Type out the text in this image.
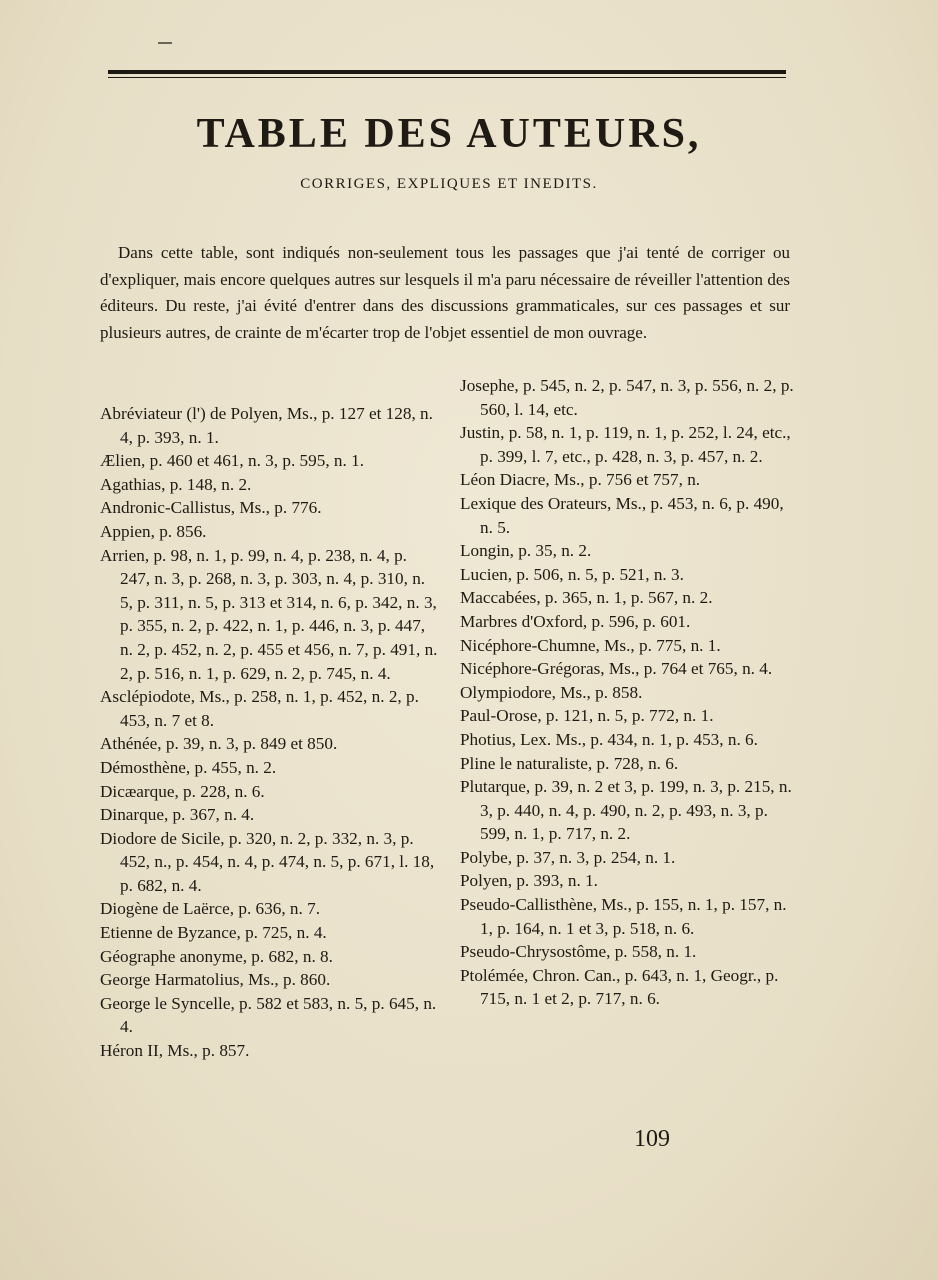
TABLE DES AUTEURS,

CORRIGES, EXPLIQUES ET INEDITS.

Dans cette table, sont indiqués non-seulement tous les passages que j'ai tenté de corriger ou d'expliquer, mais encore quelques autres sur lesquels il m'a paru nécessaire de réveiller l'attention des éditeurs. Du reste, j'ai évité d'entrer dans des discussions grammaticales, sur ces passages et sur plusieurs autres, de crainte de m'écarter trop de l'objet essentiel de mon ouvrage.

Abréviateur (l') de Polyen, Ms., p. 127 et 128, n. 4, p. 393, n. 1.
Ælien, p. 460 et 461, n. 3, p. 595, n. 1.
Agathias, p. 148, n. 2.
Andronic-Callistus, Ms., p. 776.
Appien, p. 856.
Arrien, p. 98, n. 1, p. 99, n. 4, p. 238, n. 4, p. 247, n. 3, p. 268, n. 3, p. 303, n. 4, p. 310, n. 5, p. 311, n. 5, p. 313 et 314, n. 6, p. 342, n. 3, p. 355, n. 2, p. 422, n. 1, p. 446, n. 3, p. 447, n. 2, p. 452, n. 2, p. 455 et 456, n. 7, p. 491, n. 2, p. 516, n. 1, p. 629, n. 2, p. 745, n. 4.
Asclépiodote, Ms., p. 258, n. 1, p. 452, n. 2, p. 453, n. 7 et 8.
Athénée, p. 39, n. 3, p. 849 et 850.
Démosthène, p. 455, n. 2.
Dicæarque, p. 228, n. 6.
Dinarque, p. 367, n. 4.
Diodore de Sicile, p. 320, n. 2, p. 332, n. 3, p. 452, n., p. 454, n. 4, p. 474, n. 5, p. 671, l. 18, p. 682, n. 4.
Diogène de Laërce, p. 636, n. 7.
Etienne de Byzance, p. 725, n. 4.
Géographe anonyme, p. 682, n. 8.
George Harmatolius, Ms., p. 860.
George le Syncelle, p. 582 et 583, n. 5, p. 645, n. 4.
Héron II, Ms., p. 857.
Josephe, p. 545, n. 2, p. 547, n. 3, p. 556, n. 2, p. 560, l. 14, etc.
Justin, p. 58, n. 1, p. 119, n. 1, p. 252, l. 24, etc., p. 399, l. 7, etc., p. 428, n. 3, p. 457, n. 2.
Léon Diacre, Ms., p. 756 et 757, n.
Lexique des Orateurs, Ms., p. 453, n. 6, p. 490, n. 5.
Longin, p. 35, n. 2.
Lucien, p. 506, n. 5, p. 521, n. 3.
Maccabées, p. 365, n. 1, p. 567, n. 2.
Marbres d'Oxford, p. 596, p. 601.
Nicéphore-Chumne, Ms., p. 775, n. 1.
Nicéphore-Grégoras, Ms., p. 764 et 765, n. 4.
Olympiodore, Ms., p. 858.
Paul-Orose, p. 121, n. 5, p. 772, n. 1.
Photius, Lex. Ms., p. 434, n. 1, p. 453, n. 6.
Pline le naturaliste, p. 728, n. 6.
Plutarque, p. 39, n. 2 et 3, p. 199, n. 3, p. 215, n. 3, p. 440, n. 4, p. 490, n. 2, p. 493, n. 3, p. 599, n. 1, p. 717, n. 2.
Polybe, p. 37, n. 3, p. 254, n. 1.
Polyen, p. 393, n. 1.
Pseudo-Callisthène, Ms., p. 155, n. 1, p. 157, n. 1, p. 164, n. 1 et 3, p. 518, n. 6.
Pseudo-Chrysostôme, p. 558, n. 1.
Ptolémée, Chron. Can., p. 643, n. 1, Geogr., p. 715, n. 1 et 2, p. 717, n. 6.

109
